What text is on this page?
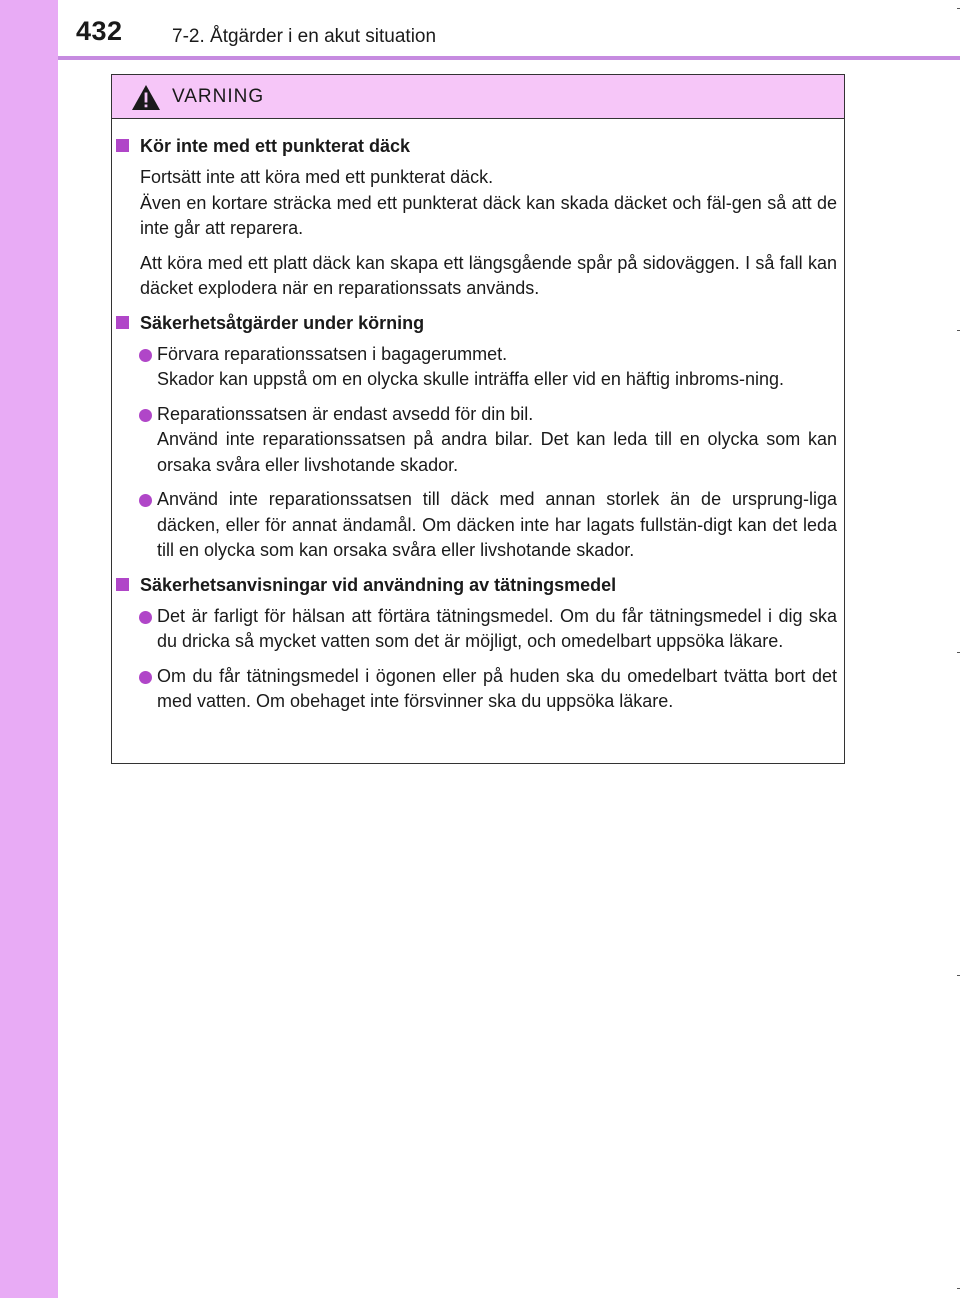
432	7-2. Åtgärder i en akut situation
VARNING
Kör inte med ett punkterat däck
Fortsätt inte att köra med ett punkterat däck.
Även en kortare sträcka med ett punkterat däck kan skada däcket och fäl-gen så att de inte går att reparera.
Att köra med ett platt däck kan skapa ett längsgående spår på sidoväggen. I så fall kan däcket explodera när en reparationssats används.
Säkerhetsåtgärder under körning
Förvara reparationssatsen i bagagerummet.
Skador kan uppstå om en olycka skulle inträffa eller vid en häftig inbroms-ning.
Reparationssatsen är endast avsedd för din bil.
Använd inte reparationssatsen på andra bilar. Det kan leda till en olycka som kan orsaka svåra eller livshotande skador.
Använd inte reparationssatsen till däck med annan storlek än de ursprung-liga däcken, eller för annat ändamål. Om däcken inte har lagats fullstän-digt kan det leda till en olycka som kan orsaka svåra eller livshotande skador.
Säkerhetsanvisningar vid användning av tätningsmedel
Det är farligt för hälsan att förtära tätningsmedel. Om du får tätningsmedel i dig ska du dricka så mycket vatten som det är möjligt, och omedelbart uppsöka läkare.
Om du får tätningsmedel i ögonen eller på huden ska du omedelbart tvätta bort det med vatten. Om obehaget inte försvinner ska du uppsöka läkare.
